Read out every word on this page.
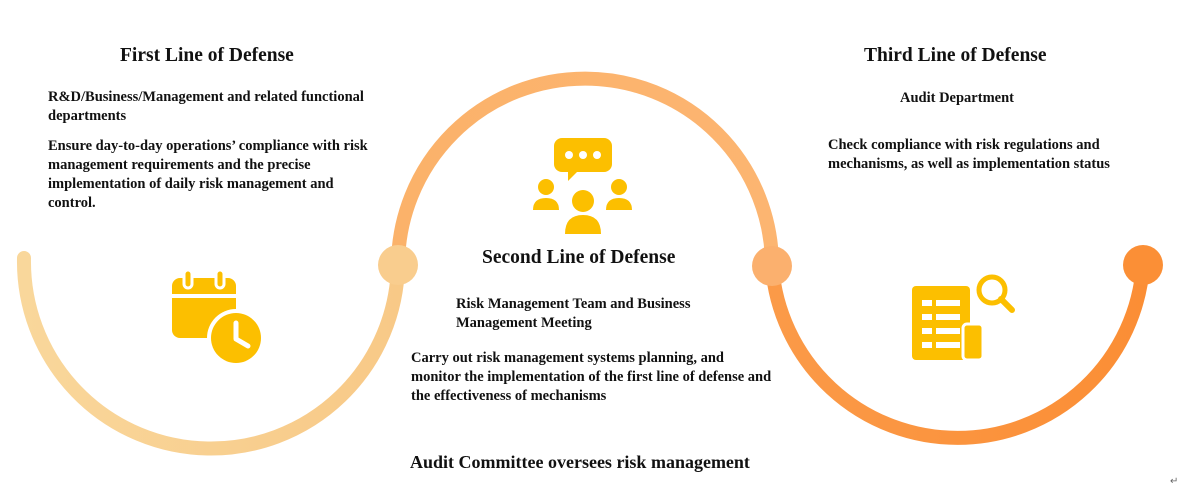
First Line of Defense
R&D/Business/Management and related functional departments
Ensure day-to-day operations’ compliance with risk management requirements and the precise implementation of daily risk management and control.
Second Line of Defense
Risk Management Team and Business Management Meeting
Carry out risk management systems planning, and monitor the implementation of the first line of defense and the effectiveness of mechanisms
Third Line of Defense
Audit Department
Check compliance with risk regulations and mechanisms, as well as implementation status
Audit Committee oversees risk management
↵
